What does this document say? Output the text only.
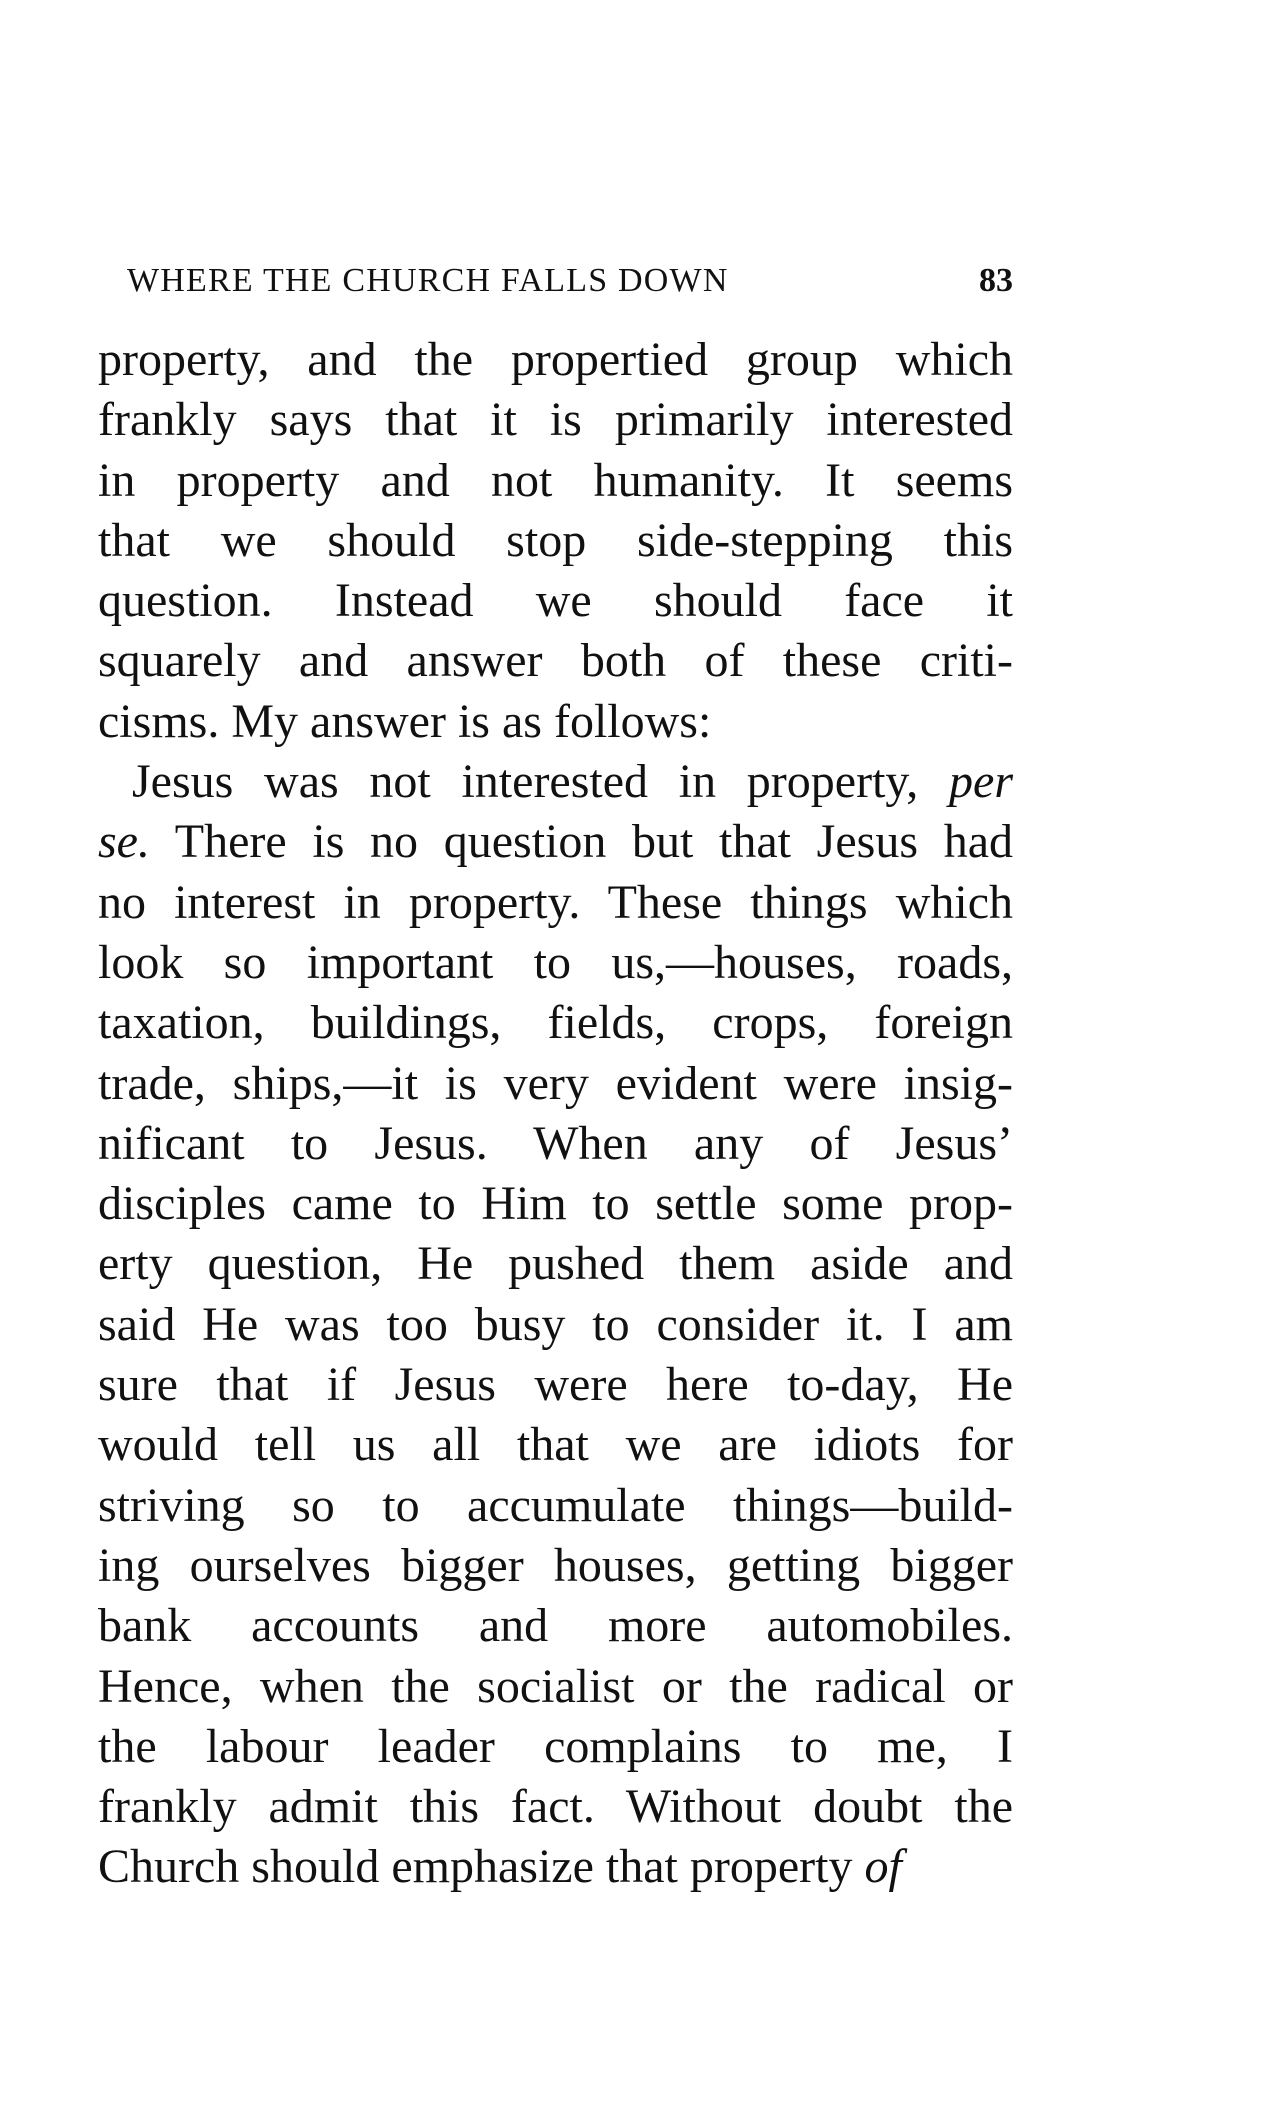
WHERE THE CHURCH FALLS DOWN	83
property, and the propertied group which
frankly says that it is primarily interested
in property and not humanity. It seems
that we should stop side-stepping this
question. Instead we should face it
squarely and answer both of these criti-
cisms. My answer is as follows:
Jesus was not interested in property, per
se. There is no question but that Jesus had
no interest in property. These things which
look so important to us,—houses, roads,
taxation, buildings, fields, crops, foreign
trade, ships,—it is very evident were insig-
nificant to Jesus. When any of Jesus’
disciples came to Him to settle some prop-
erty question, He pushed them aside and
said He was too busy to consider it. I am
sure that if Jesus were here to-day, He
would tell us all that we are idiots for
striving so to accumulate things—build-
ing ourselves bigger houses, getting bigger
bank accounts and more automobiles.
Hence, when the socialist or the radical or
the labour leader complains to me, I
frankly admit this fact. Without doubt the
Church should emphasize that property of
